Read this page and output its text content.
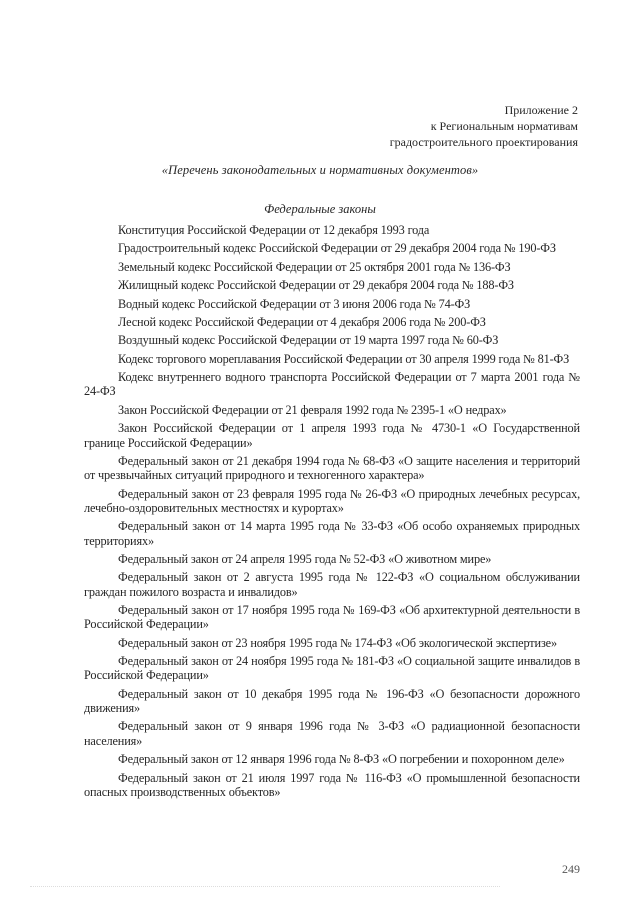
Приложение 2
к Региональным нормативам
градостроительного проектирования
«Перечень законодательных и нормативных документов»
Федеральные законы

Конституция Российской Федерации от 12 декабря 1993 года

Градостроительный кодекс Российской Федерации от 29 декабря 2004 года № 190-ФЗ

Земельный кодекс Российской Федерации от 25 октября 2001 года № 136-ФЗ

Жилищный кодекс Российской Федерации от 29 декабря 2004 года № 188-ФЗ

Водный кодекс Российской Федерации от 3 июня 2006 года № 74-ФЗ

Лесной кодекс Российской Федерации от 4 декабря 2006 года № 200-ФЗ

Воздушный кодекс Российской Федерации от 19 марта 1997 года № 60-ФЗ

Кодекс торгового мореплавания Российской Федерации от 30 апреля 1999 года № 81-ФЗ

Кодекс внутреннего водного транспорта Российской Федерации от 7 марта 2001 года № 24-ФЗ

Закон Российской Федерации от 21 февраля 1992 года № 2395-1 «О недрах»

Закон Российской Федерации от 1 апреля 1993 года № 4730-1 «О Государственной границе Российской Федерации»

Федеральный закон от 21 декабря 1994 года № 68-ФЗ «О защите населения и территорий от чрезвычайных ситуаций природного и техногенного характера»

Федеральный закон от 23 февраля 1995 года № 26-ФЗ «О природных лечебных ресурсах, лечебно-оздоровительных местностях и курортах»

Федеральный закон от 14 марта 1995 года № 33-ФЗ «Об особо охраняемых природных территориях»

Федеральный закон от 24 апреля 1995 года № 52-ФЗ «О животном мире»

Федеральный закон от 2 августа 1995 года № 122-ФЗ «О социальном обслуживании граждан пожилого возраста и инвалидов»

Федеральный закон от 17 ноября 1995 года № 169-ФЗ «Об архитектурной деятельности в Российской Федерации»

Федеральный закон от 23 ноября 1995 года № 174-ФЗ «Об экологической экспертизе»

Федеральный закон от 24 ноября 1995 года № 181-ФЗ «О социальной защите инвалидов в Российской Федерации»

Федеральный закон от 10 декабря 1995 года № 196-ФЗ «О безопасности дорожного движения»

Федеральный закон от 9 января 1996 года № 3-ФЗ «О радиационной безопасности населения»

Федеральный закон от 12 января 1996 года № 8-ФЗ «О погребении и похоронном деле»

Федеральный закон от 21 июля 1997 года № 116-ФЗ «О промышленной безопасности опасных производственных объектов»

249
